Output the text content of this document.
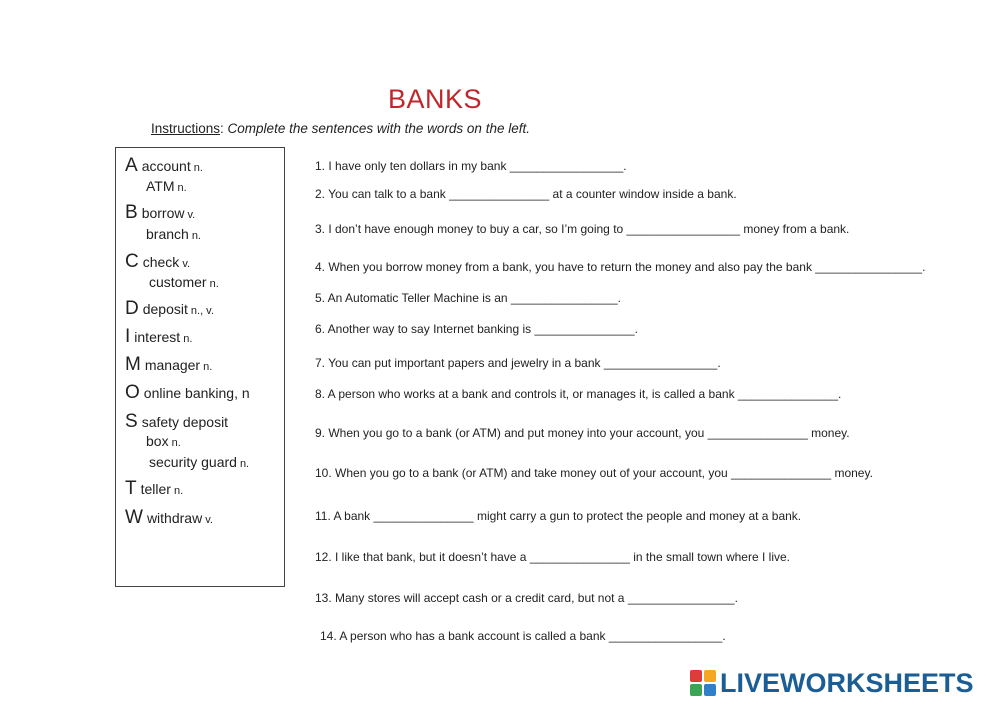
BANKS
Instructions: Complete the sentences with the words on the left.
A account n.
ATM n.
B borrow v.
branch n.
C check v.
customer n.
D deposit n., v.
I interest n.
M manager n.
O online banking, n
S safety deposit
box n.
security guard n.
T teller n.
W withdraw v.
1. I have only ten dollars in my bank _________________.
2. You can talk to a bank _______________ at a counter window inside a bank.
3. I don’t have enough money to buy a car, so I’m going to _________________ money from a bank.
4. When you borrow money from a bank, you have to return the money and also pay the bank ________________.
5. An Automatic Teller Machine is an ________________.
6. Another way to say Internet banking is _______________.
7. You can put important papers and jewelry in a bank _________________.
8. A person who works at a bank and controls it, or manages it, is called a bank _______________.
9. When you go to a bank (or ATM) and put money into your account, you _______________ money.
10. When you go to a bank (or ATM) and take money out of your account, you _______________ money.
11. A bank _______________ might carry a gun to protect the people and money at a bank.
12. I like that bank, but it doesn’t have a _______________ in the small town where I live.
13. Many stores will accept cash or a credit card, but not a ________________.
14. A person who has a bank account is called a bank _________________.
LIVEWORKSHEETS
